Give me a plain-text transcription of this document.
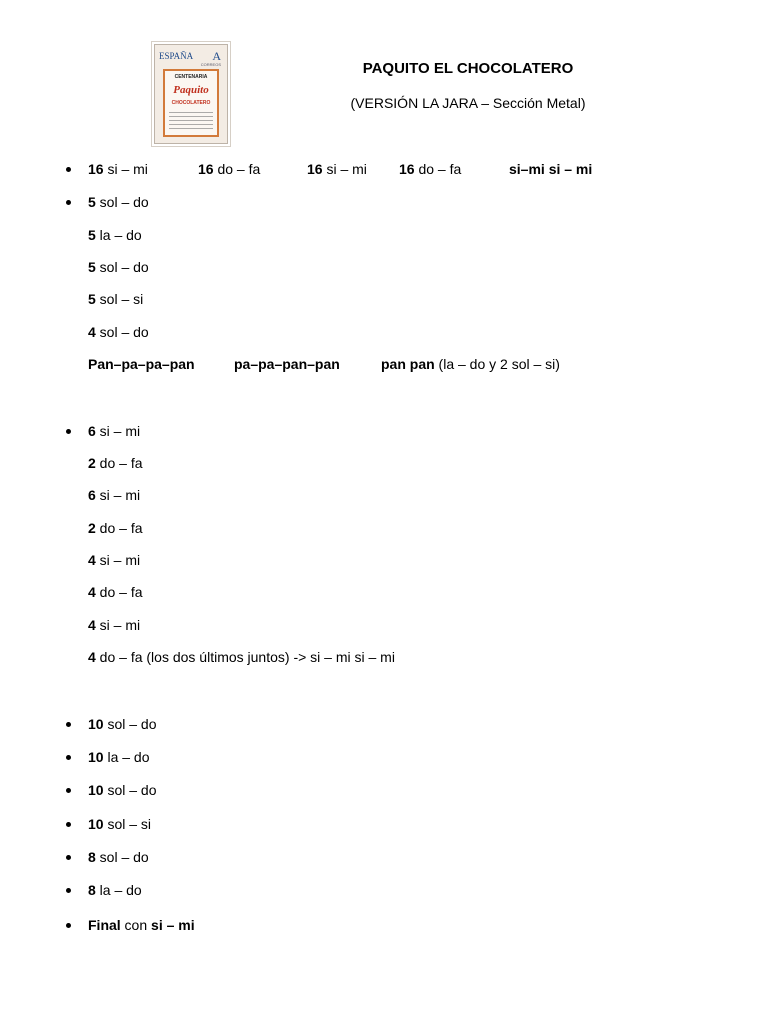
ESPAÑA A
CORREOS
CENTENARIA
Paquito
CHOCOLATERO
PAQUITO EL CHOCOLATERO
(VERSIÓN LA JARA – Sección Metal)
16 si – mi	16 do – fa	16 si – mi 16 do – fa	si–mi si – mi
5 sol – do
5 la – do
5 sol – do
5 sol – si
4 sol – do
Pan–pa–pa–pan	pa–pa–pan–pan	pan pan (la – do y 2 sol – si)
6 si – mi
2 do – fa
6 si – mi
2 do – fa
4 si – mi
4 do – fa
4 si – mi
4 do – fa (los dos últimos juntos) -> si – mi si – mi
10 sol – do
10 la – do
10 sol – do
10 sol – si
8 sol – do
8 la – do
Final con si – mi
